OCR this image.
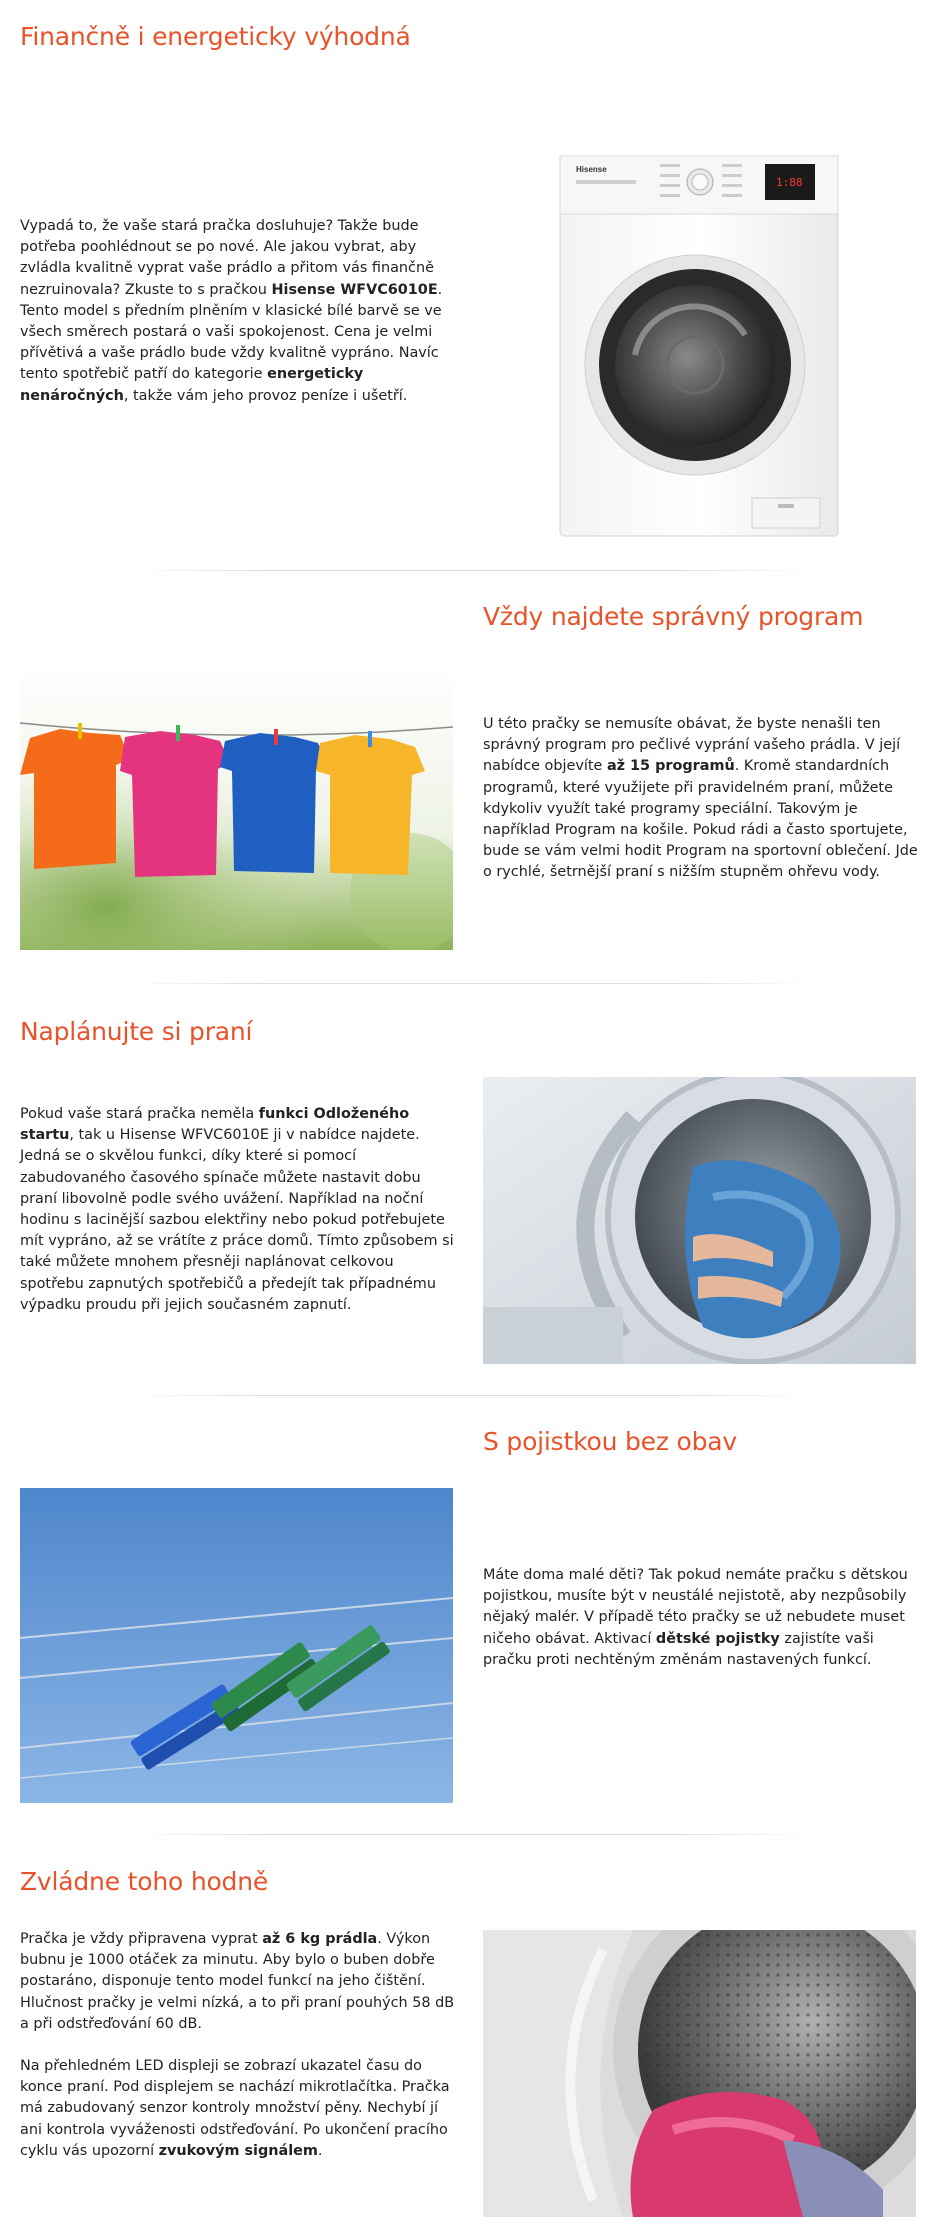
Finančně i energeticky výhodná

Vypadá to, že vaše stará pračka dosluhuje? Takže bude potřeba poohlédnout se po nové. Ale jakou vybrat, aby zvládla kvalitně vyprat vaše prádlo a přitom vás finančně nezruinovala? Zkuste to s pračkou Hisense WFVC6010E. Tento model s předním plněním v klasické bílé barvě se ve všech směrech postará o vaši spokojenost. Cena je velmi přívětivá a vaše prádlo bude vždy kvalitně vypráno. Navíc tento spotřebič patří do kategorie energeticky nenáročných, takže vám jeho provoz peníze i ušetří.

Hisense
1:88
Vždy najdete správný program

U této pračky se nemusíte obávat, že byste nenašli ten správný program pro pečlivé vyprání vašeho prádla. V její nabídce objevíte až 15 programů. Kromě standardních programů, které využijete při pravidelném praní, můžete kdykoliv využít také programy speciální. Takovým je například Program na košile. Pokud rádi a často sportujete, bude se vám velmi hodit Program na sportovní oblečení. Jde o rychlé, šetrnější praní s nižším stupněm ohřevu vody.

Naplánujte si praní

Pokud vaše stará pračka neměla funkci Odloženého startu, tak u Hisense WFVC6010E ji v nabídce najdete. Jedná se o skvělou funkci, díky které si pomocí zabudovaného časového spínače můžete nastavit dobu praní libovolně podle svého uvážení. Například na noční hodinu s lacinější sazbou elektřiny nebo pokud potřebujete mít vypráno, až se vrátíte z práce domů. Tímto způsobem si také můžete mnohem přesněji naplánovat celkovou spotřebu zapnutých spotřebičů a předejít tak případnému výpadku proudu při jejich současném zapnutí.

S pojistkou bez obav

Máte doma malé děti? Tak pokud nemáte pračku s dětskou pojistkou, musíte být v neustálé nejistotě, aby nezpůsobily nějaký malér. V případě této pračky se už nebudete muset ničeho obávat. Aktivací dětské pojistky zajistíte vaši pračku proti nechtěným změnám nastavených funkcí.

Zvládne toho hodně

Pračka je vždy připravena vyprat až 6 kg prádla. Výkon bubnu je 1000 otáček za minutu. Aby bylo o buben dobře postaráno, disponuje tento model funkcí na jeho čištění. Hlučnost pračky je velmi nízká, a to při praní pouhých 58 dB a při odstřeďování 60 dB.

Na přehledném LED displeji se zobrazí ukazatel času do konce praní. Pod displejem se nachází mikrotlačítka. Pračka má zabudovaný senzor kontroly množství pěny. Nechybí jí ani kontrola vyváženosti odstřeďování. Po ukončení pracího cyklu vás upozorní zvukovým signálem.
